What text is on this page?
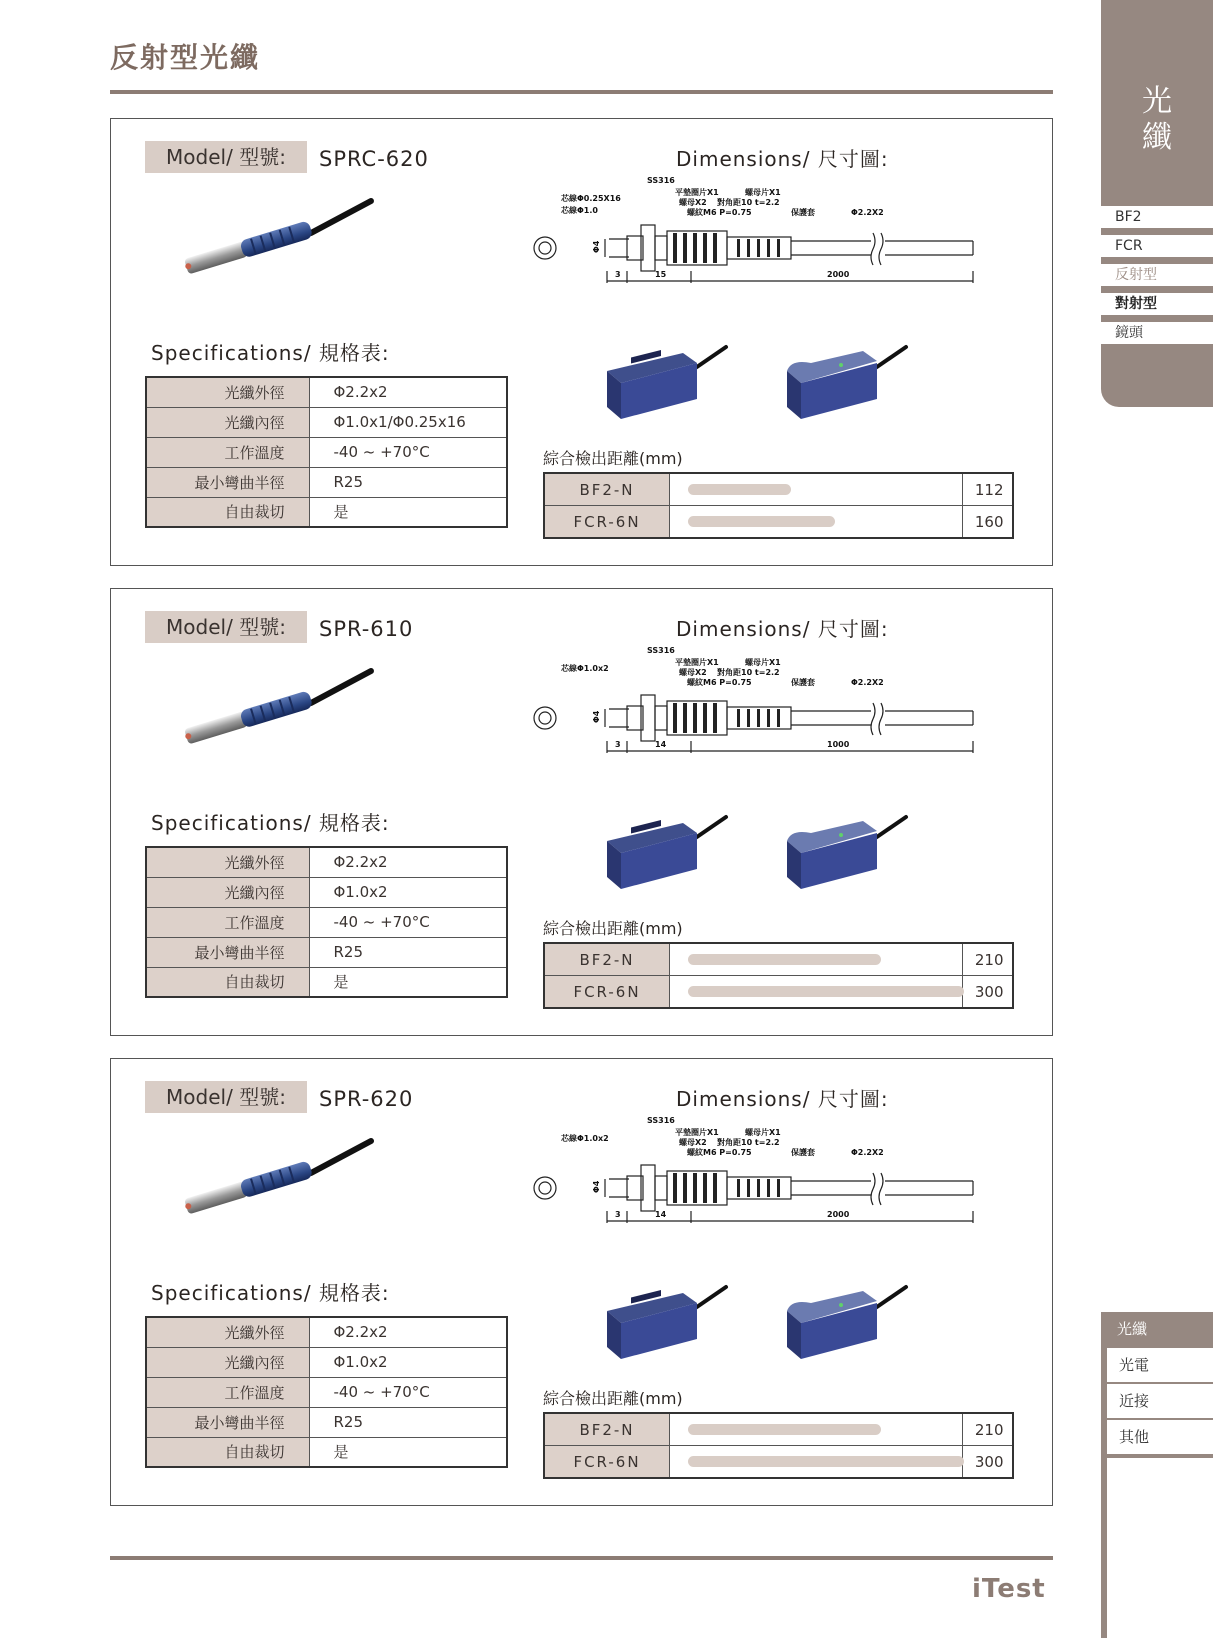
反射型光纖
光
纖
BF2
FCR
反射型
對射型
鏡頭
光纖
光電
近接
其他
P.021
Model/ 型號:	SPRC-620	Dimensions/ 尺寸圖:
SS316
平墊圈片X1	螺母片X1
螺母X2 對角距10 t=2.2
螺紋M6 P=0.75	保護套
芯線Φ0.25X16
芯線Φ1.0	Φ2.2X2
Φ4
3	15	2000
Specifications/ 規格表:
光纖外徑	Φ2.2x2
光纖內徑	Φ1.0x1/Φ0.25x16
工作溫度	-40 ~ +70°C
最小彎曲半徑	R25
自由裁切	是
綜合檢出距離(mm)
BF2-N		112
FCR-6N		160
Model/ 型號:	SPR-610	Dimensions/ 尺寸圖:
SS316
平墊圈片X1	螺母片X1
螺母X2 對角距10 t=2.2
螺紋M6 P=0.75	保護套
芯線Φ1.0x2
Φ2.2X2
Φ4
3	14	1000
Specifications/ 規格表:
光纖外徑	Φ2.2x2
光纖內徑	Φ1.0x2
工作溫度	-40 ~ +70°C
最小彎曲半徑	R25
自由裁切	是
綜合檢出距離(mm)
BF2-N		210
FCR-6N		300
Model/ 型號:	SPR-620	Dimensions/ 尺寸圖:
SS316
平墊圈片X1	螺母片X1
螺母X2 對角距10 t=2.2
螺紋M6 P=0.75	保護套
芯線Φ1.0x2
Φ2.2X2
Φ4
3	14	2000
Specifications/ 規格表:
光纖外徑	Φ2.2x2
光纖內徑	Φ1.0x2
工作溫度	-40 ~ +70°C
最小彎曲半徑	R25
自由裁切	是
綜合檢出距離(mm)
BF2-N		210
FCR-6N		300
iTest
